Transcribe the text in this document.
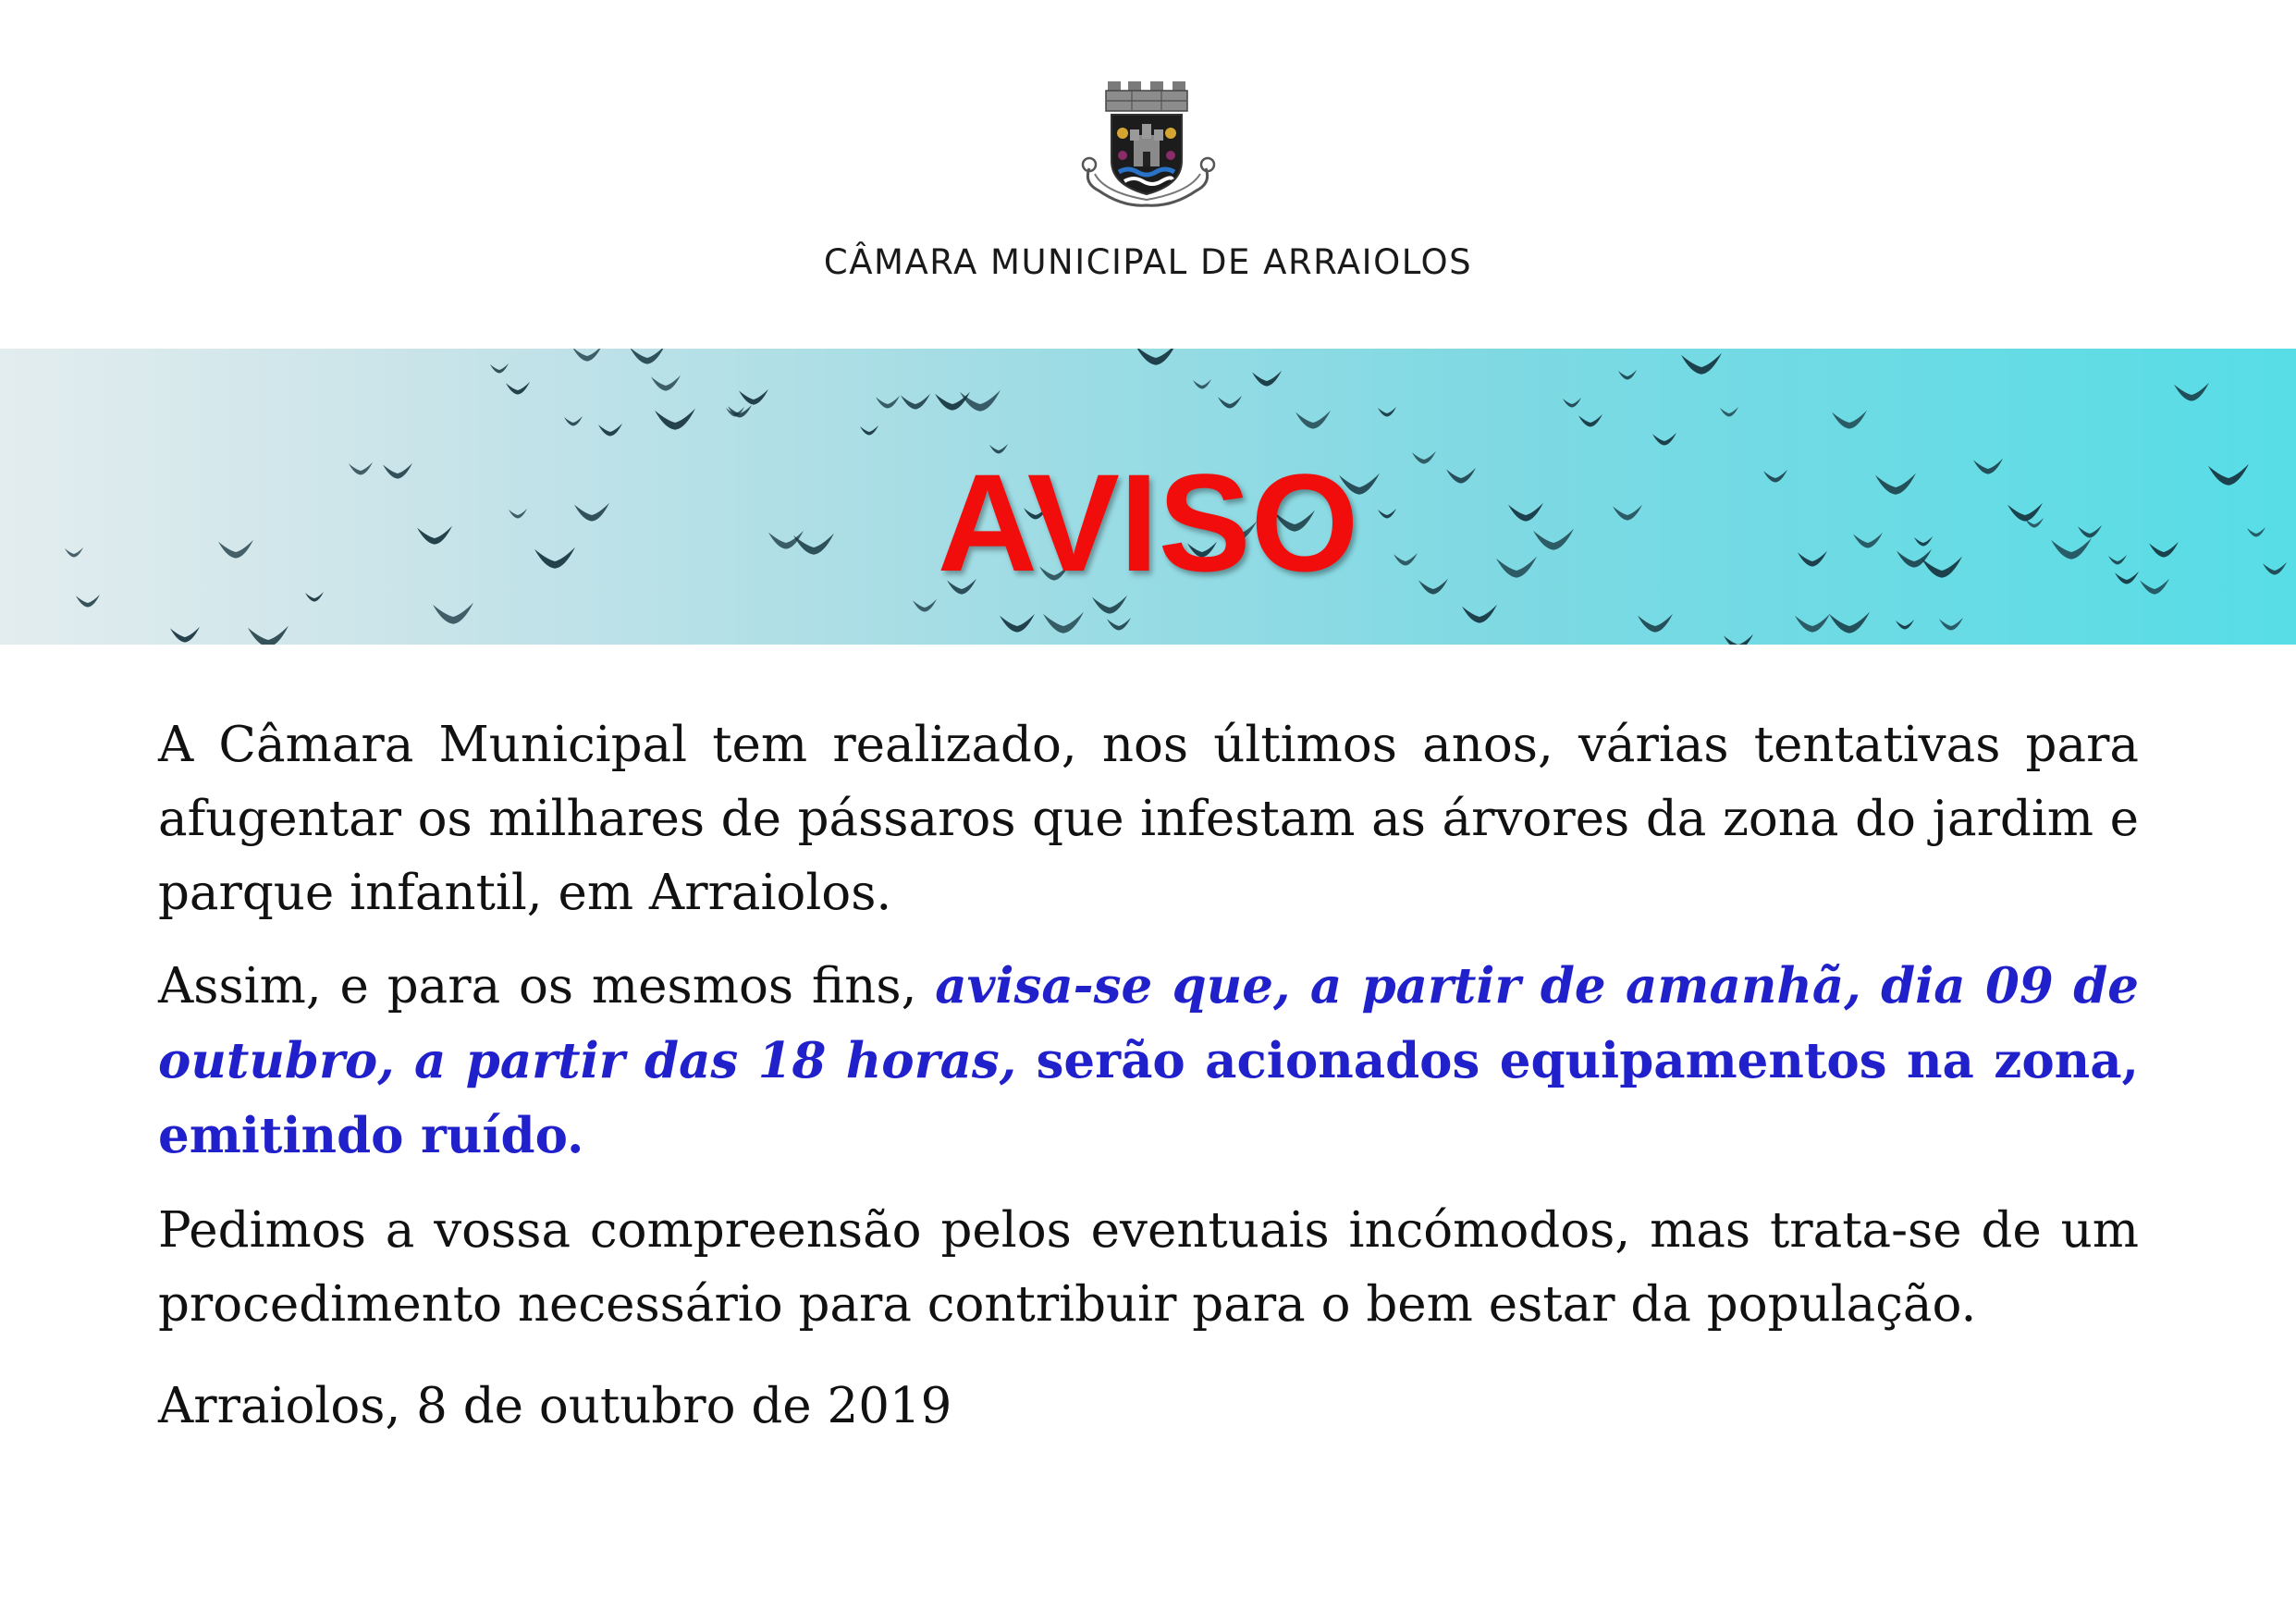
CÂMARA MUNICIPAL DE ARRAIOLOS
AVISO

A Câmara Municipal tem realizado, nos últimos anos, várias tentativas para afugentar os milhares de pássaros que infestam as árvores da zona do jardim e parque infantil, em Arraiolos.

Assim, e para os mesmos fins, avisa-se que, a partir de amanhã, dia 09 de outubro, a partir das 18 horas, serão acionados equipamentos na zona, emitindo ruído.

Pedimos a vossa compreensão pelos eventuais incómodos, mas trata-se de um procedimento necessário para contribuir para o bem estar da população.

Arraiolos, 8 de outubro de 2019
